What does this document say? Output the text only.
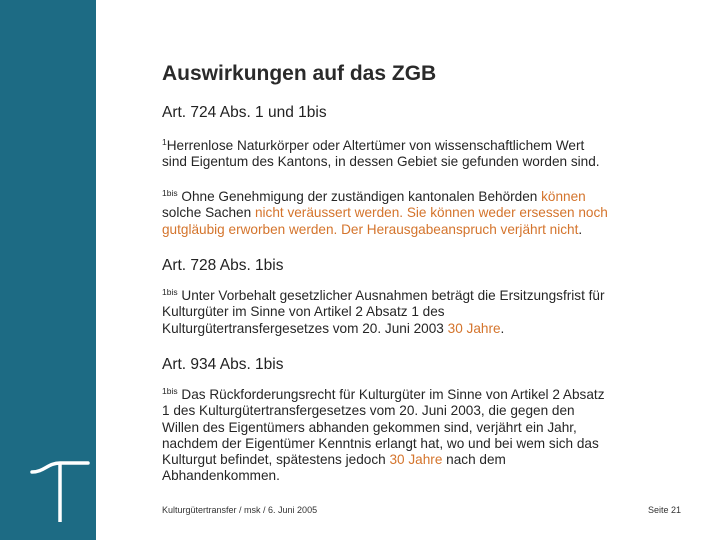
Auswirkungen auf das ZGB
Art. 724 Abs. 1 und 1bis

$^1$Herrenlose Naturkörper oder Altertümer von wissenschaftlichem Wert
sind Eigentum des Kantons, in dessen Gebiet sie gefunden worden sind.

$^{1bis}$ Ohne Genehmigung der zuständigen kantonalen Behörden können
solche Sachen nicht veräussert werden. Sie können weder ersessen noch
gutgläubig erworben werden. Der Herausgabeanspruch verjährt nicht.

Art. 728 Abs. 1bis

$^{1bis}$ Unter Vorbehalt gesetzlicher Ausnahmen beträgt die Ersitzungsfrist für
Kulturgüter im Sinne von Artikel 2 Absatz 1 des
Kulturgütertransfergesetzes vom 20. Juni 2003 30 Jahre.

Art. 934 Abs. 1bis

$^{1bis}$ Das Rückforderungsrecht für Kulturgüter im Sinne von Artikel 2 Absatz
1 des Kulturgütertransfergesetzes vom 20. Juni 2003, die gegen den
Willen des Eigentümers abhanden gekommen sind, verjährt ein Jahr,
nachdem der Eigentümer Kenntnis erlangt hat, wo und bei wem sich das
Kulturgut befindet, spätestens jedoch 30 Jahre nach dem
Abhandenkommen.

Kulturgütertransfer / msk / 6. Juni 2005	Seite 21
